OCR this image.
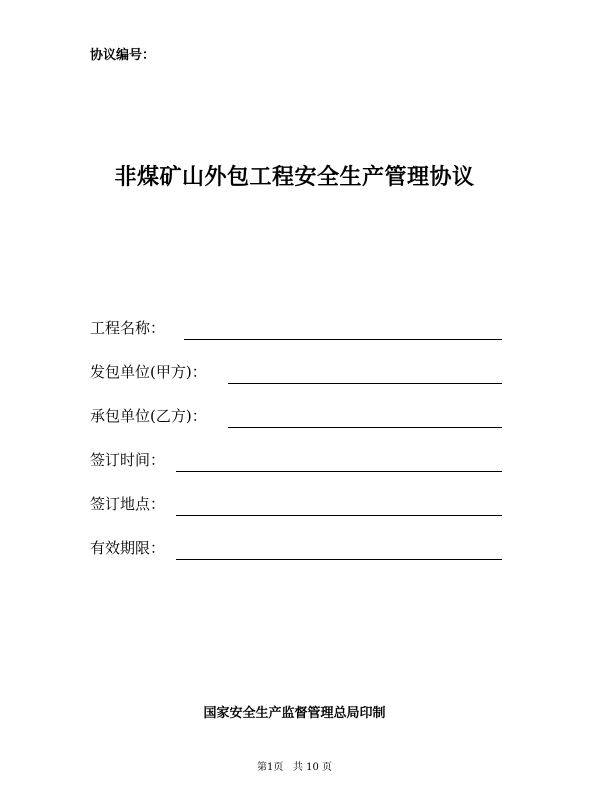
协议编号：
非煤矿山外包工程安全生产管理协议
工程名称：
发包单位(甲方)：
承包单位(乙方)：
签订时间：
签订地点：
有效期限：
国家安全生产监督管理总局印制
第1页   共 10 页
